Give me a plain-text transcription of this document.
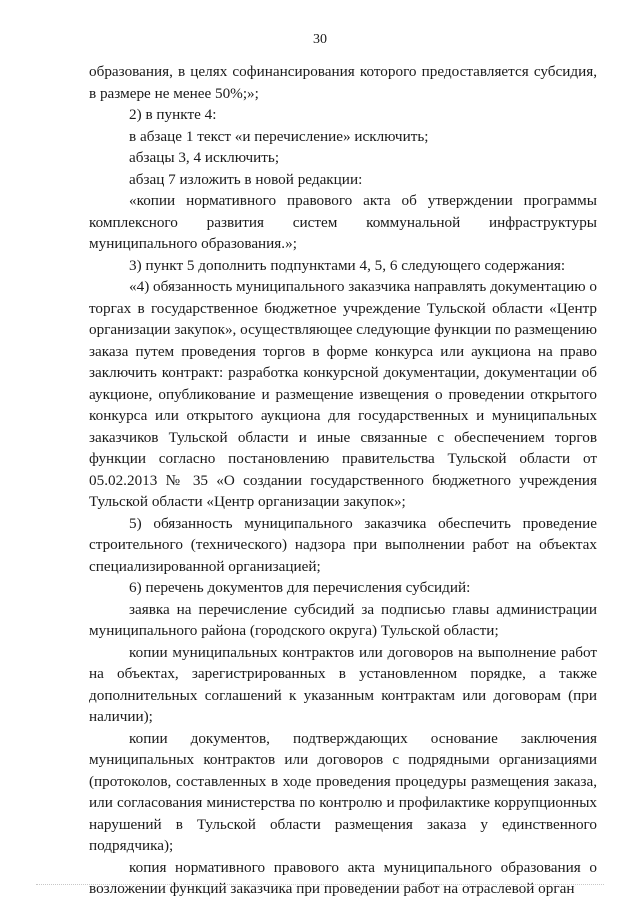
30

образования, в целях софинансирования которого предоставляется субсидия, в размере не менее 50%;»;

2) в пункте 4:

в абзаце 1 текст «и перечисление» исключить;

абзацы 3, 4 исключить;

абзац 7 изложить в новой редакции:

«копии нормативного правового акта об утверждении программы комплексного развития систем коммунальной инфраструктуры муниципального образования.»;

3) пункт 5 дополнить подпунктами 4, 5, 6 следующего содержания:

«4) обязанность муниципального заказчика направлять документацию о торгах в государственное бюджетное учреждение Тульской области «Центр организации закупок», осуществляющее следующие функции по размещению заказа путем проведения торгов в форме конкурса или аукциона на право заключить контракт: разработка конкурсной документации, документации об аукционе, опубликование и размещение извещения о проведении открытого конкурса или открытого аукциона для государственных и муниципальных заказчиков Тульской области и иные связанные с обеспечением торгов функции согласно постановлению правительства Тульской области от 05.02.2013 № 35 «О создании государственного бюджетного учреждения Тульской области «Центр организации закупок»;

5) обязанность муниципального заказчика обеспечить проведение строительного (технического) надзора при выполнении работ на объектах специализированной организацией;

6) перечень документов для перечисления субсидий:

заявка на перечисление субсидий за подписью главы администрации муниципального района (городского округа) Тульской области;

копии муниципальных контрактов или договоров на выполнение работ на объектах, зарегистрированных в установленном порядке, а также дополнительных соглашений к указанным контрактам или договорам (при наличии);

копии документов, подтверждающих основание заключения муниципальных контрактов или договоров с подрядными организациями (протоколов, составленных в ходе проведения процедуры размещения заказа, или согласования министерства по контролю и профилактике коррупционных нарушений в Тульской области размещения заказа у единственного подрядчика);

копия нормативного правового акта муниципального образования о возложении функций заказчика при проведении работ на отраслевой орган
